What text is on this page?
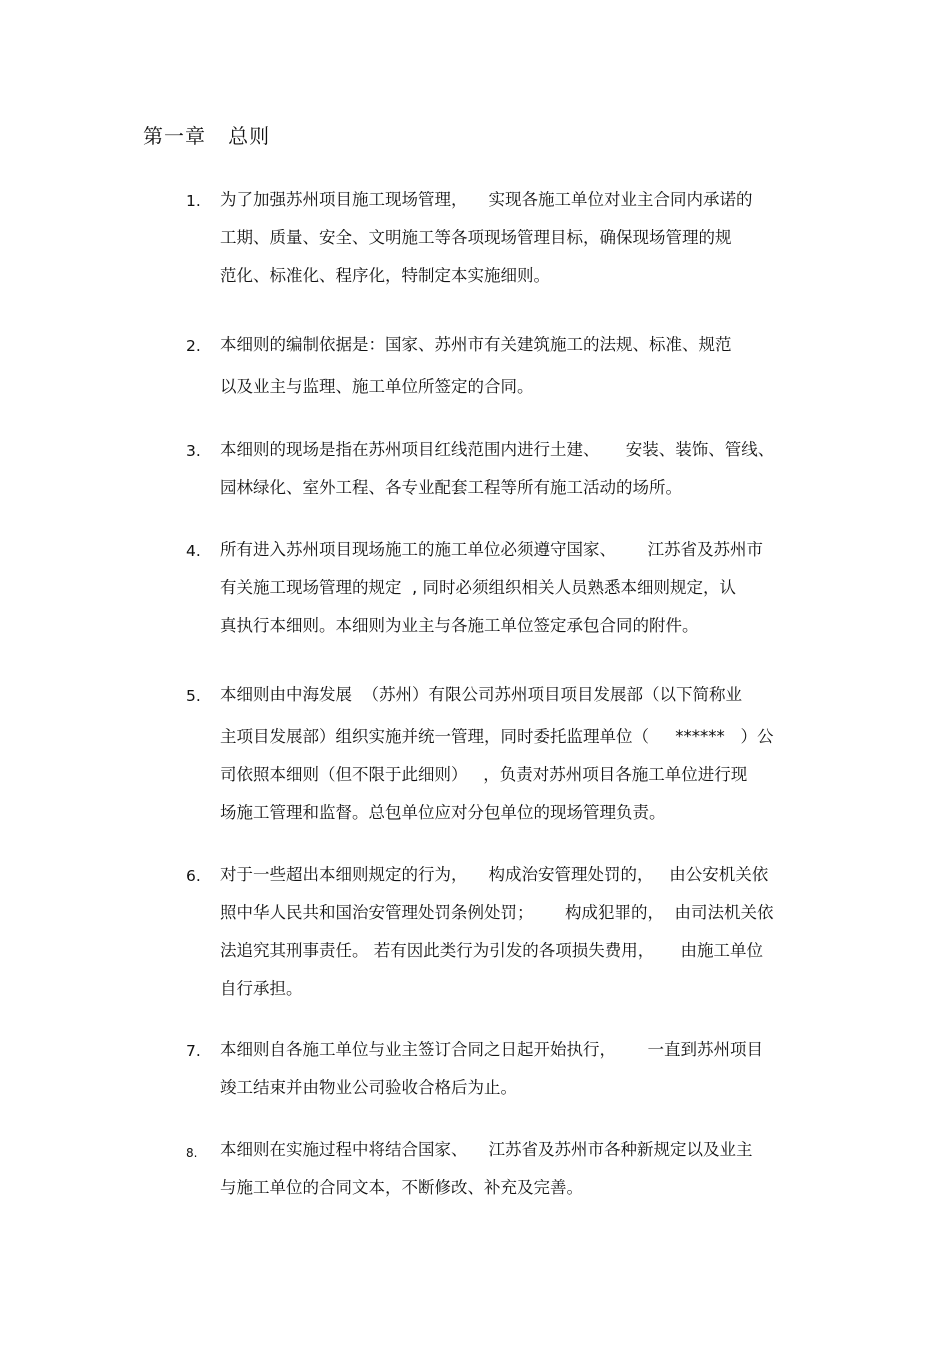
第一章   总则
1. 为了加强苏州项目施工现场管理，    实现各施工单位对业主合同内承诺的
工期、质量、安全、文明施工等各项现场管理目标，确保现场管理的规
范化、标准化、程序化，特制定本实施细则。
2. 本细则的编制依据是：国家、苏州市有关建筑施工的法规、标准、规范
以及业主与监理、施工单位所签定的合同。
3. 本细则的现场是指在苏州项目红线范围内进行土建、     安装、装饰、管线、
园林绿化、室外工程、各专业配套工程等所有施工活动的场所。
4. 所有进入苏州项目现场施工的施工单位必须遵守国家、      江苏省及苏州市
有关施工现场管理的规定  , 同时必须组织相关人员熟悉本细则规定，认
真执行本细则。本细则为业主与各施工单位签定承包合同的附件。
5. 本细则由中海发展  （苏州）有限公司苏州项目项目发展部（以下简称业
主项目发展部）组织实施并统一管理，同时委托监理单位（     ******   ）公
司依照本细则（但不限于此细则）   ，负责对苏州项目各施工单位进行现
场施工管理和监督。总包单位应对分包单位的现场管理负责。
6. 对于一些超出本细则规定的行为，    构成治安管理处罚的，   由公安机关依
照中华人民共和国治安管理处罚条例处罚；      构成犯罪的，  由司法机关依
法追究其刑事责任。 若有因此类行为引发的各项损失费用，     由施工单位
自行承担。
7. 本细则自各施工单位与业主签订合同之日起开始执行，      一直到苏州项目
竣工结束并由物业公司验收合格后为止。
8. 本细则在实施过程中将结合国家、    江苏省及苏州市各种新规定以及业主
与施工单位的合同文本，不断修改、补充及完善。
